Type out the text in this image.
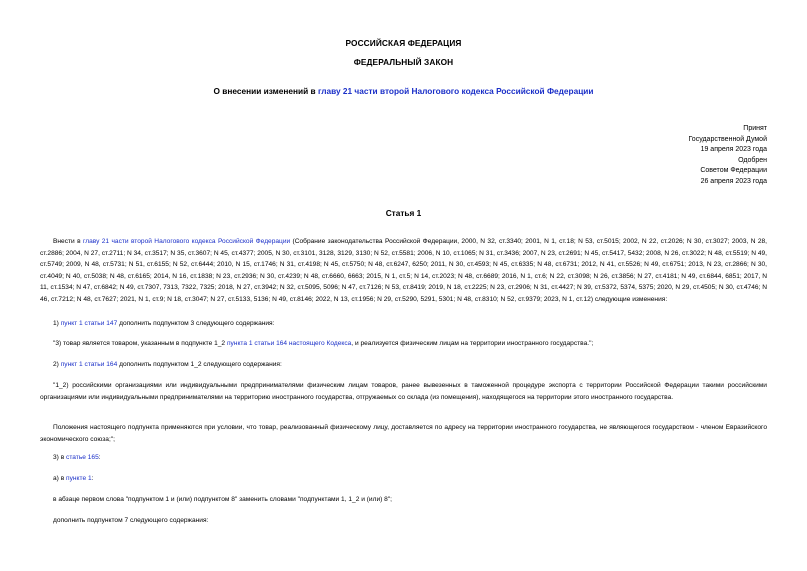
РОССИЙСКАЯ ФЕДЕРАЦИЯ
ФЕДЕРАЛЬНЫЙ ЗАКОН
О внесении изменений в главу 21 части второй Налогового кодекса Российской Федерации
Принят
Государственной Думой
19 апреля 2023 года
Одобрен
Советом Федерации
26 апреля 2023 года
Статья 1
Внести в главу 21 части второй Налогового кодекса Российской Федерации (Собрание законодательства Российской Федерации, 2000, N 32, ст.3340; 2001, N 1, ст.18; N 53, ст.5015; 2002, N 22, ст.2026; N 30, ст.3027; 2003, N 28, ст.2886; 2004, N 27, ст.2711; N 34, ст.3517; N 35, ст.3607; N 45, ст.4377; 2005, N 30, ст.3101, 3128, 3129, 3130; N 52, ст.5581; 2006, N 10, ст.1065; N 31, ст.3436; 2007, N 23, ст.2691; N 45, ст.5417, 5432; 2008, N 26, ст.3022; N 48, ст.5519; N 49, ст.5749; 2009, N 48, ст.5731; N 51, ст.6155; N 52, ст.6444; 2010, N 15, ст.1746; N 31, ст.4198; N 45, ст.5750; N 48, ст.6247, 6250; 2011, N 30, ст.4593; N 45, ст.6335; N 48, ст.6731; 2012, N 41, ст.5526; N 49, ст.6751; 2013, N 23, ст.2866; N 30, ст.4049; N 40, ст.5038; N 48, ст.6165; 2014, N 16, ст.1838; N 23, ст.2936; N 30, ст.4239; N 48, ст.6660, 6663; 2015, N 1, ст.5; N 14, ст.2023; N 48, ст.6689; 2016, N 1, ст.6; N 22, ст.3098; N 26, ст.3856; N 27, ст.4181; N 49, ст.6844, 6851; 2017, N 11, ст.1534; N 47, ст.6842; N 49, ст.7307, 7313, 7322, 7325; 2018, N 27, ст.3942; N 32, ст.5095, 5096; N 47, ст.7126; N 53, ст.8419; 2019, N 18, ст.2225; N 23, ст.2906; N 31, ст.4427; N 39, ст.5372, 5374, 5375; 2020, N 29, ст.4505; N 30, ст.4746; N 46, ст.7212; N 48, ст.7627; 2021, N 1, ст.9; N 18, ст.3047; N 27, ст.5133, 5136; N 49, ст.8146; 2022, N 13, ст.1956; N 29, ст.5290, 5291, 5301; N 48, ст.8310; N 52, ст.9379; 2023, N 1, ст.12) следующие изменения:
1) пункт 1 статьи 147 дополнить подпунктом 3 следующего содержания:
"3) товар является товаром, указанным в подпункте 1_2 пункта 1 статьи 164 настоящего Кодекса, и реализуется физическим лицам на территории иностранного государства.";
2) пункт 1 статьи 164 дополнить подпунктом 1_2 следующего содержания:
"1_2) российскими организациями или индивидуальными предпринимателями физическим лицам товаров, ранее вывезенных в таможенной процедуре экспорта с территории Российской Федерации такими российскими организациями или индивидуальными предпринимателями на территорию иностранного государства, отгружаемых со склада (из помещения), находящегося на территории этого иностранного государства.
Положения настоящего подпункта применяются при условии, что товар, реализованный физическому лицу, доставляется по адресу на территории иностранного государства, не являющегося государством - членом Евразийского экономического союза;";
3) в статье 165:
а) в пункте 1:
в абзаце первом слова "подпунктом 1 и (или) подпунктом 8" заменить словами "подпунктами 1, 1_2 и (или) 8";
дополнить подпунктом 7 следующего содержания:
